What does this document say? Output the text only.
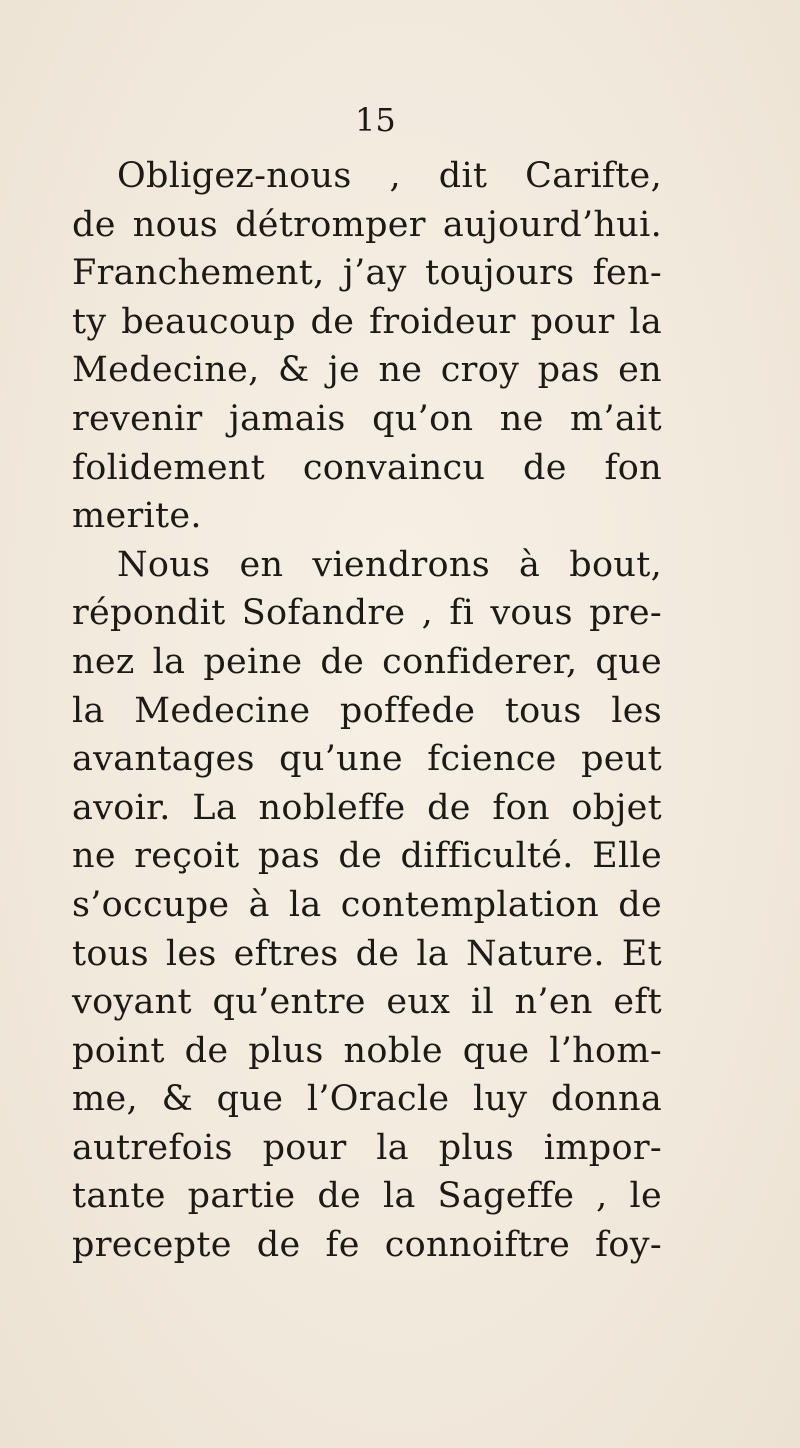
15
Obligez-nous , dit Carifte,
de nous détromper aujourd’hui.
Franchement, j’ay toujours fen-
ty beaucoup de froideur pour la
Medecine, & je ne croy pas en
revenir jamais qu’on ne m’ait
folidement convaincu de fon
merite.
Nous en viendrons à bout,
répondit Sofandre , fi vous pre-
nez la peine de confiderer, que
la Medecine poffede tous les
avantages qu’une fcience peut
avoir. La nobleffe de fon objet
ne reçoit pas de difficulté. Elle
s’occupe à la contemplation de
tous les eftres de la Nature. Et
voyant qu’entre eux il n’en eft
point de plus noble que l’hom-
me, & que l’Oracle luy donna
autrefois pour la plus impor-
tante partie de la Sageffe , le
precepte de fe connoiftre foy-
